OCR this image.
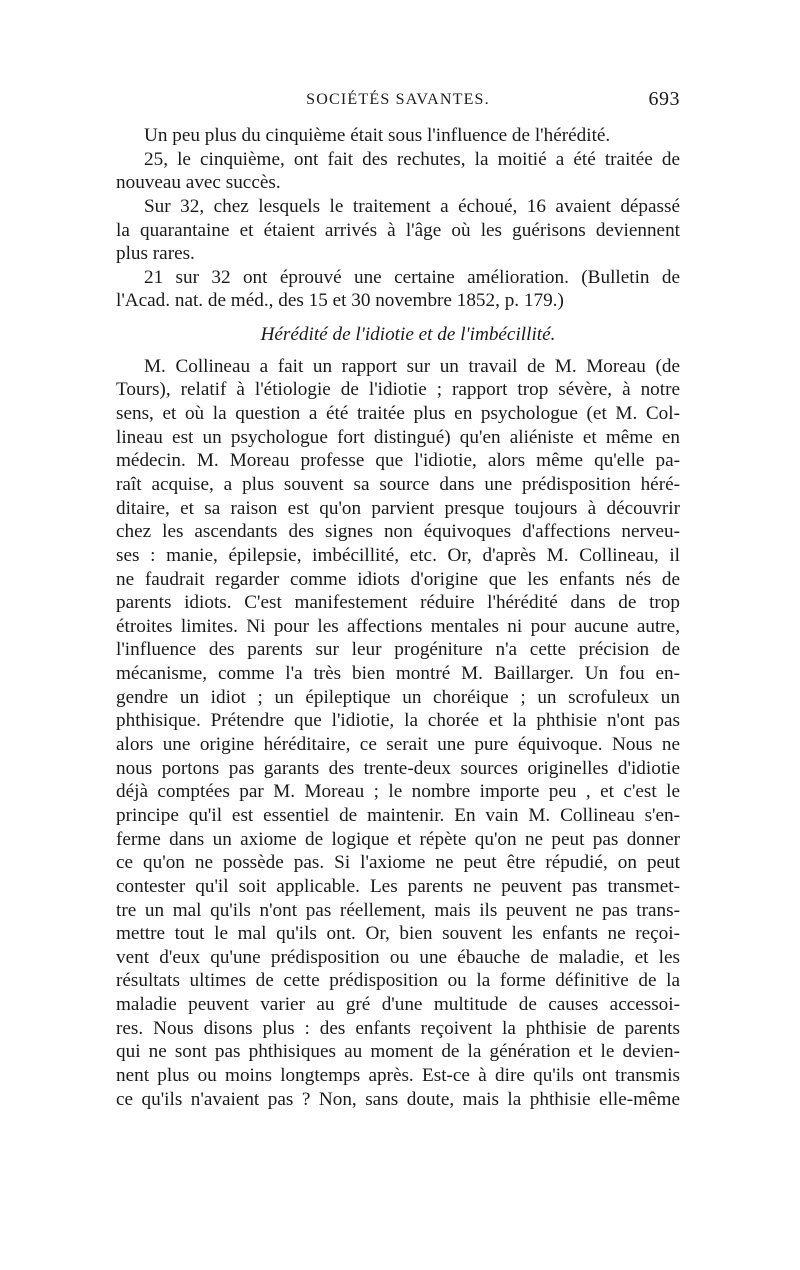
SOCIÉTÉS SAVANTES.	693
Un peu plus du cinquième était sous l'influence de l'hérédité.
25, le cinquième, ont fait des rechutes, la moitié a été traitée de
nouveau avec succès.
Sur 32, chez lesquels le traitement a échoué, 16 avaient dépassé
la quarantaine et étaient arrivés à l'âge où les guérisons deviennent
plus rares.
21 sur 32 ont éprouvé une certaine amélioration. (Bulletin de
l'Acad. nat. de méd., des 15 et 30 novembre 1852, p. 179.)
Hérédité de l'idiotie et de l'imbécillité.
M. Collineau a fait un rapport sur un travail de M. Moreau (de
Tours), relatif à l'étiologie de l'idiotie ; rapport trop sévère, à notre
sens, et où la question a été traitée plus en psychologue (et M. Col-
lineau est un psychologue fort distingué) qu'en aliéniste et même en
médecin. M. Moreau professe que l'idiotie, alors même qu'elle pa-
raît acquise, a plus souvent sa source dans une prédisposition héré-
ditaire, et sa raison est qu'on parvient presque toujours à découvrir
chez les ascendants des signes non équivoques d'affections nerveu-
ses : manie, épilepsie, imbécillité, etc. Or, d'après M. Collineau, il
ne faudrait regarder comme idiots d'origine que les enfants nés de
parents idiots. C'est manifestement réduire l'hérédité dans de trop
étroites limites. Ni pour les affections mentales ni pour aucune autre,
l'influence des parents sur leur progéniture n'a cette précision de
mécanisme, comme l'a très bien montré M. Baillarger. Un fou en-
gendre un idiot ; un épileptique un choréique ; un scrofuleux un
phthisique. Prétendre que l'idiotie, la chorée et la phthisie n'ont pas
alors une origine héréditaire, ce serait une pure équivoque. Nous ne
nous portons pas garants des trente-deux sources originelles d'idiotie
déjà comptées par M. Moreau ; le nombre importe peu , et c'est le
principe qu'il est essentiel de maintenir. En vain M. Collineau s'en-
ferme dans un axiome de logique et répète qu'on ne peut pas donner
ce qu'on ne possède pas. Si l'axiome ne peut être répudié, on peut
contester qu'il soit applicable. Les parents ne peuvent pas transmet-
tre un mal qu'ils n'ont pas réellement, mais ils peuvent ne pas trans-
mettre tout le mal qu'ils ont. Or, bien souvent les enfants ne reçoi-
vent d'eux qu'une prédisposition ou une ébauche de maladie, et les
résultats ultimes de cette prédisposition ou la forme définitive de la
maladie peuvent varier au gré d'une multitude de causes accessoi-
res. Nous disons plus : des enfants reçoivent la phthisie de parents
qui ne sont pas phthisiques au moment de la génération et le devien-
nent plus ou moins longtemps après. Est-ce à dire qu'ils ont transmis
ce qu'ils n'avaient pas ? Non, sans doute, mais la phthisie elle-même
